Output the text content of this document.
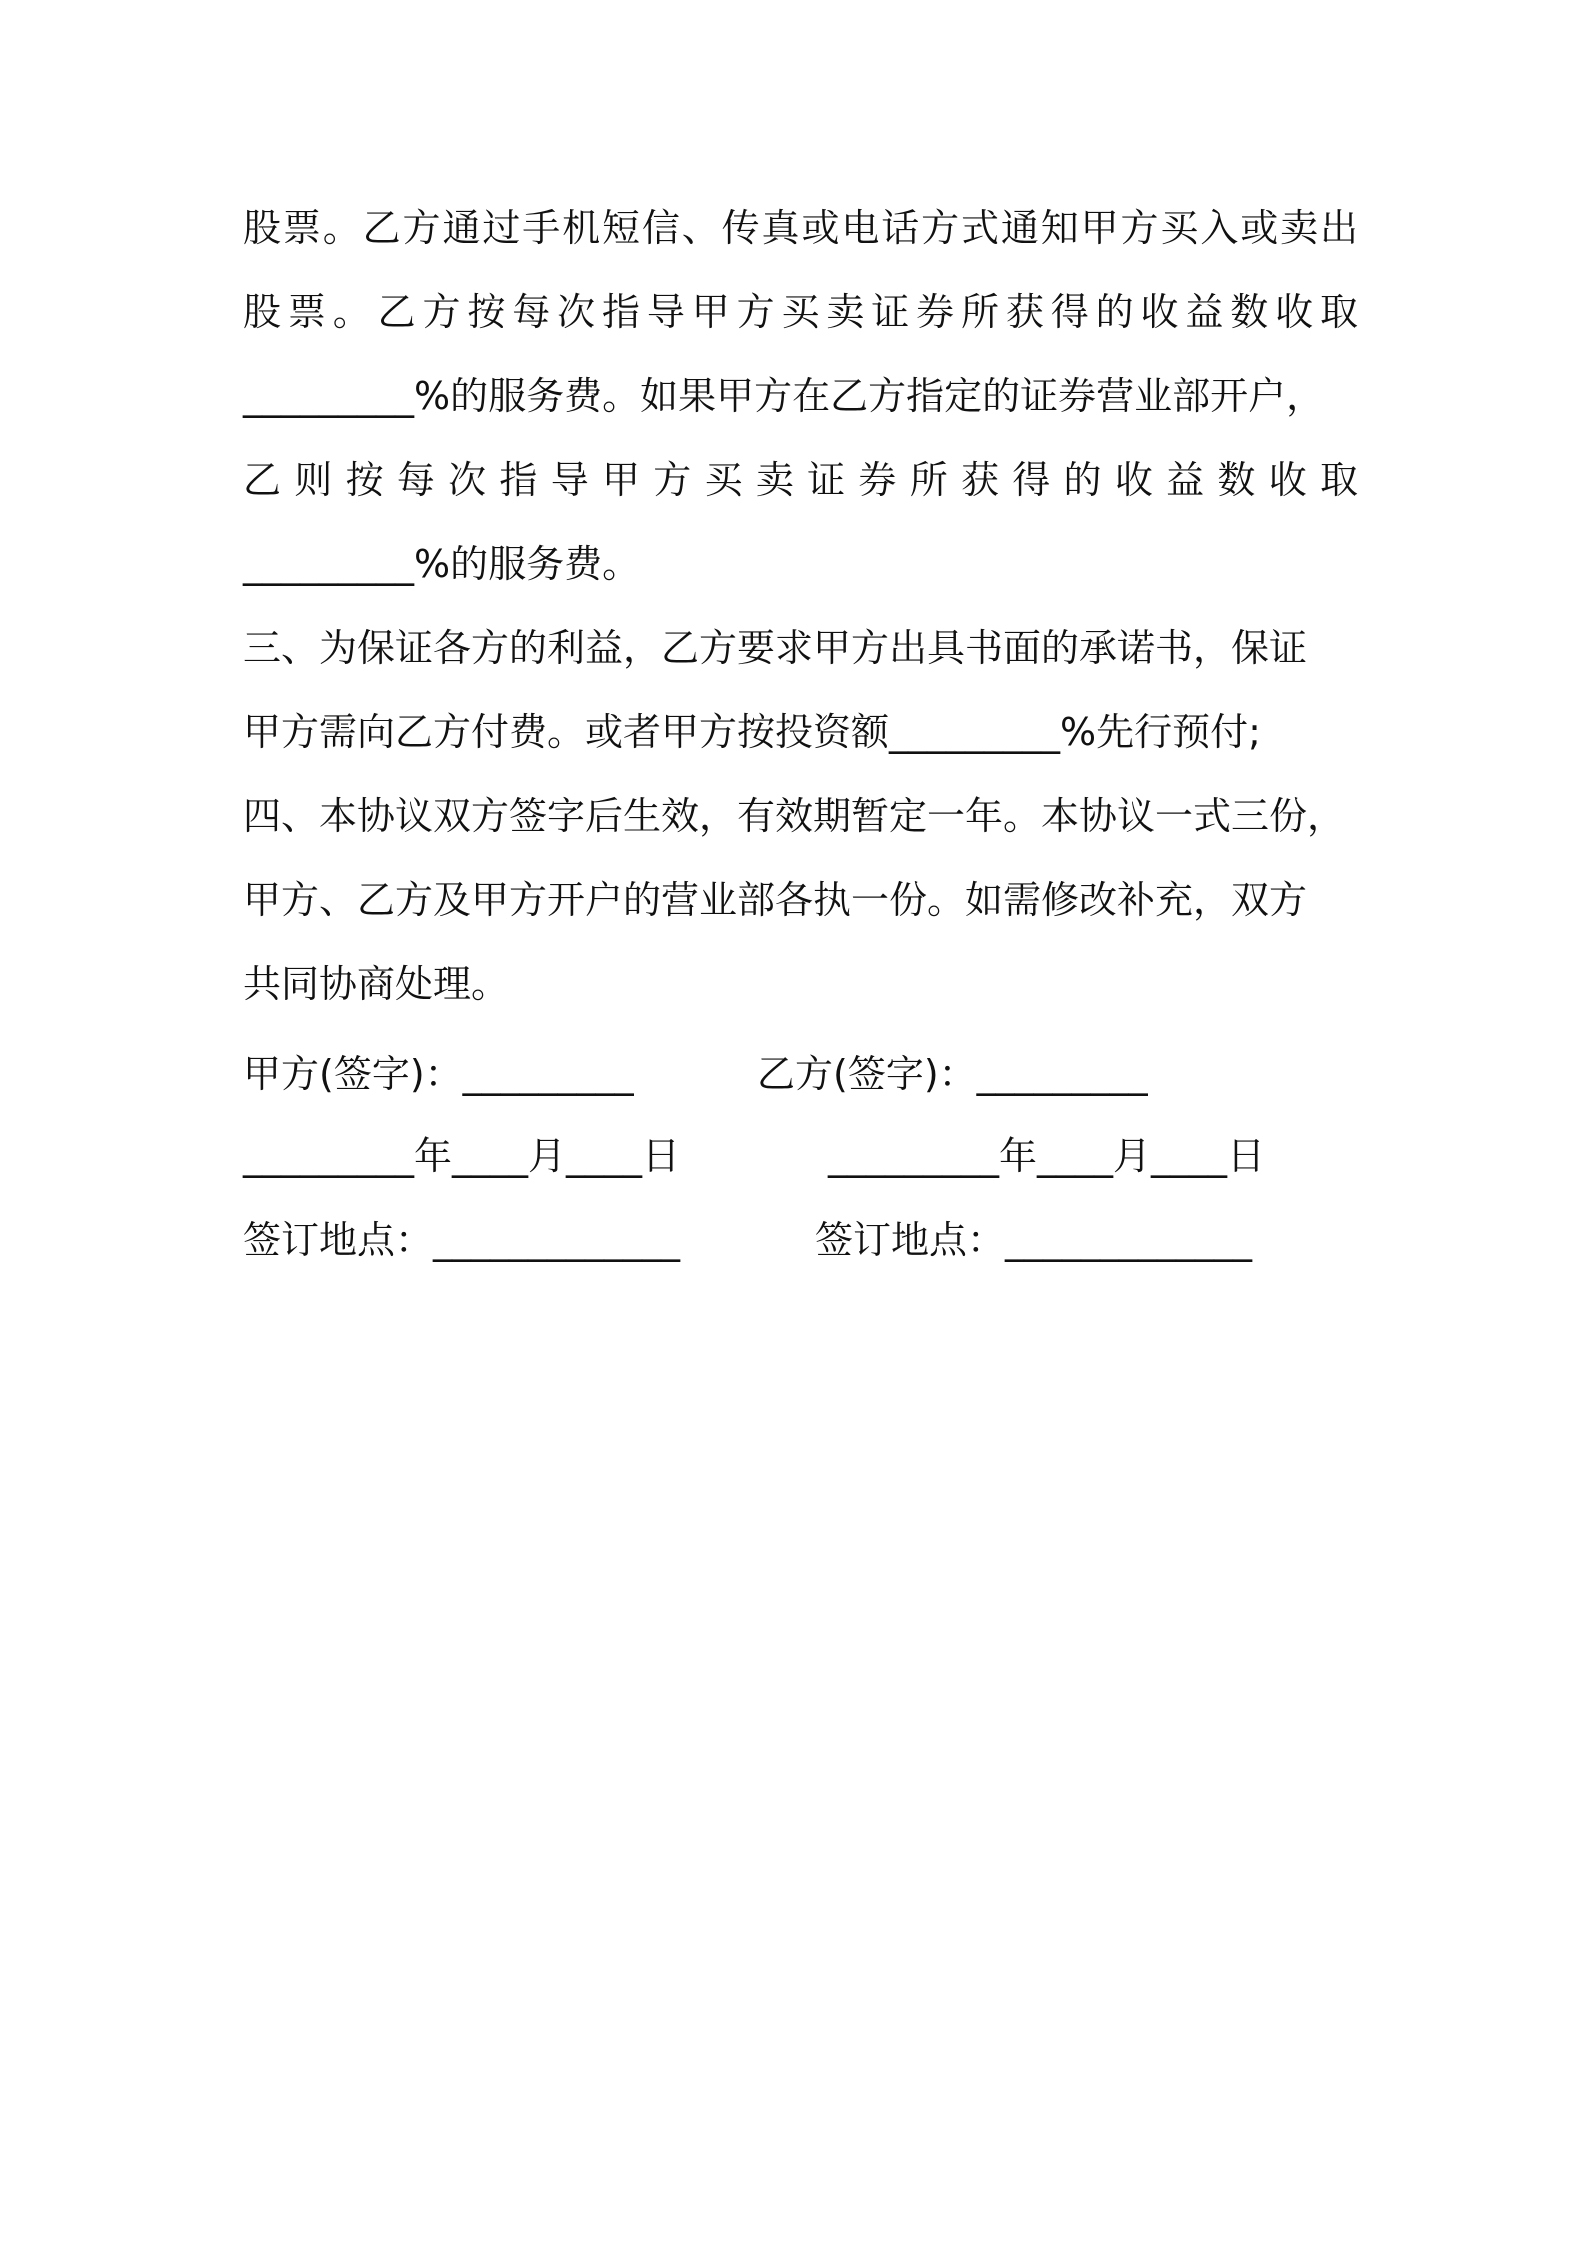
股票。乙方通过手机短信、传真或电话方式通知甲方买入或卖出
股票。乙方按每次指导甲方买卖证券所获得的收益数收取
_________%的服务费。如果甲方在乙方指定的证券营业部开户，
乙则按每次指导甲方买卖证券所获得的收益数收取
_________%的服务费。
三、为保证各方的利益，乙方要求甲方出具书面的承诺书，保证
甲方需向乙方付费。或者甲方按投资额_________%先行预付;
四、本协议双方签字后生效，有效期暂定一年。本协议一式三份，
甲方、乙方及甲方开户的营业部各执一份。如需修改补充，双方
共同协商处理。
甲方(签字)：_________	乙方(签字)：_________
_________年____月____日	_________年____月____日
签订地点：_____________	签订地点：_____________
